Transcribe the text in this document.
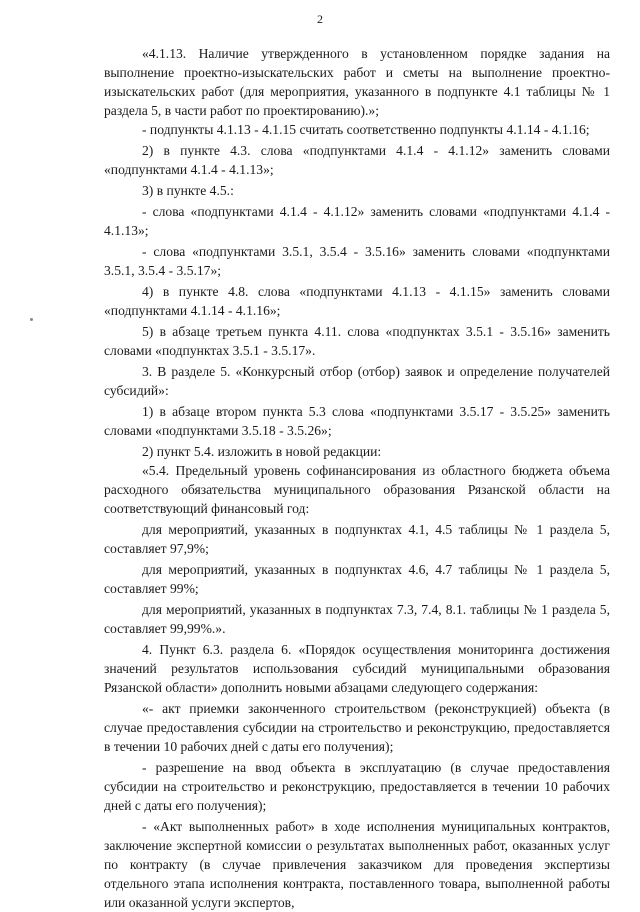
2

«4.1.13. Наличие утвержденного в установленном порядке задания на выполнение проектно-изыскательских работ и сметы на выполнение проектно-изыскательских работ (для мероприятия, указанного в подпункте 4.1 таблицы № 1 раздела 5, в части работ по проектированию).»;

- подпункты 4.1.13 - 4.1.15 считать соответственно подпункты 4.1.14 - 4.1.16;

2) в пункте 4.3. слова «подпунктами 4.1.4 - 4.1.12» заменить словами «подпунктами 4.1.4 - 4.1.13»;

3) в пункте 4.5.:

- слова «подпунктами 4.1.4 - 4.1.12» заменить словами «подпунктами 4.1.4 - 4.1.13»;

- слова «подпунктами 3.5.1, 3.5.4 - 3.5.16» заменить словами «подпунктами 3.5.1, 3.5.4 - 3.5.17»;

4) в пункте 4.8. слова «подпунктами 4.1.13 - 4.1.15» заменить словами «подпунктами 4.1.14 - 4.1.16»;

5) в абзаце третьем пункта 4.11. слова «подпунктах 3.5.1 - 3.5.16» заменить словами «подпунктах 3.5.1 - 3.5.17».

3. В разделе 5. «Конкурсный отбор (отбор) заявок и определение получателей субсидий»:

1) в абзаце втором пункта 5.3 слова «подпунктами 3.5.17 - 3.5.25» заменить словами «подпунктами 3.5.18 - 3.5.26»;

2) пункт 5.4. изложить в новой редакции:

«5.4. Предельный уровень софинансирования из областного бюджета объема расходного обязательства муниципального образования Рязанской области на соответствующий финансовый год:

для мероприятий, указанных в подпунктах 4.1, 4.5 таблицы № 1 раздела 5, составляет 97,9%;

для мероприятий, указанных в подпунктах 4.6, 4.7 таблицы № 1 раздела 5, составляет 99%;

для мероприятий, указанных в подпунктах 7.3, 7.4, 8.1. таблицы № 1 раздела 5, составляет 99,99%.».

4. Пункт 6.3. раздела 6. «Порядок осуществления мониторинга достижения значений результатов использования субсидий муниципальными образования Рязанской области» дополнить новыми абзацами следующего содержания:

«- акт приемки законченного строительством (реконструкцией) объекта (в случае предоставления субсидии на строительство и реконструкцию, предоставляется в течении 10 рабочих дней с даты его получения);

- разрешение на ввод объекта в эксплуатацию (в случае предоставления субсидии на строительство и реконструкцию, предоставляется в течении 10 рабочих дней с даты его получения);

- «Акт выполненных работ» в ходе исполнения муниципальных контрактов, заключение экспертной комиссии о результатах выполненных работ, оказанных услуг по контракту (в случае привлечения заказчиком для проведения экспертизы отдельного этапа исполнения контракта, поставленного товара, выполненной работы или оказанной услуги экспертов,
